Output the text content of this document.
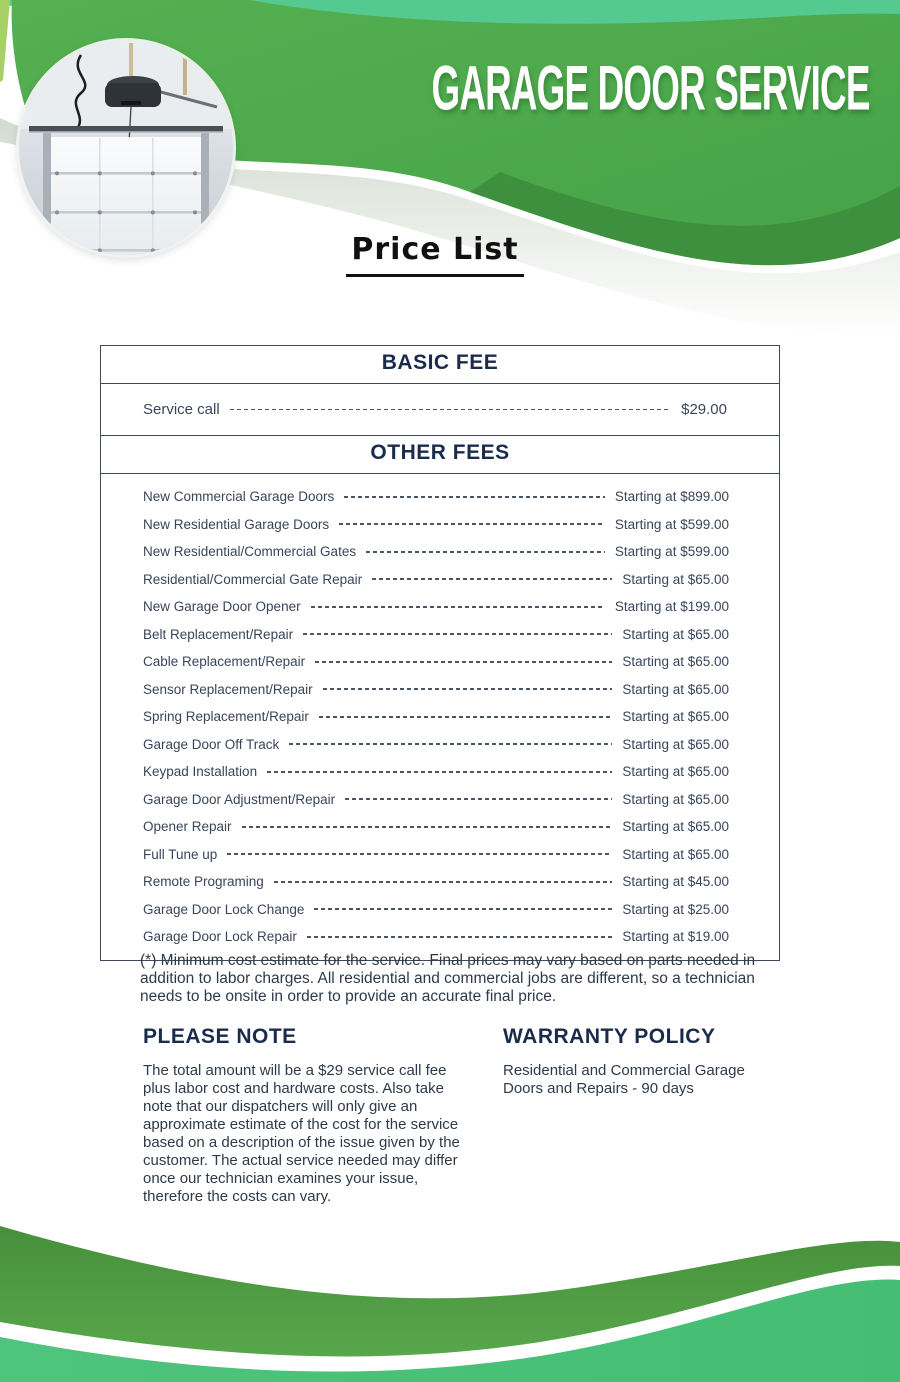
GARAGE DOOR SERVICE
Price List
BASIC FEE
Service call	$29.00
OTHER FEES
New Commercial Garage Doors	Starting at $899.00
New Residential Garage Doors	Starting at $599.00
New Residential/Commercial Gates	Starting at $599.00
Residential/Commercial Gate Repair	Starting at $65.00
New Garage Door Opener	Starting at $199.00
Belt Replacement/Repair	Starting at $65.00
Cable Replacement/Repair	Starting at $65.00
Sensor Replacement/Repair	Starting at $65.00
Spring Replacement/Repair	Starting at $65.00
Garage Door Off Track	Starting at $65.00
Keypad Installation	Starting at $65.00
Garage Door Adjustment/Repair	Starting at $65.00
Opener Repair	Starting at $65.00
Full Tune up	Starting at $65.00
Remote Programing	Starting at $45.00
Garage Door Lock Change	Starting at $25.00
Garage Door Lock Repair	Starting at $19.00

(*) Minimum cost estimate for the service. Final prices may vary based on parts needed in addition to labor charges. All residential and commercial jobs are different, so a technician needs to be onsite in order to provide an accurate final price.

PLEASE NOTE

The total amount will be a $29 service call fee plus labor cost and hardware costs. Also take note that our dispatchers will only give an approximate estimate of the cost for the service based on a description of the issue given by the customer. The actual service needed may differ once our technician examines your issue, therefore the costs can vary.

WARRANTY POLICY

Residential and Commercial Garage Doors and Repairs - 90 days
